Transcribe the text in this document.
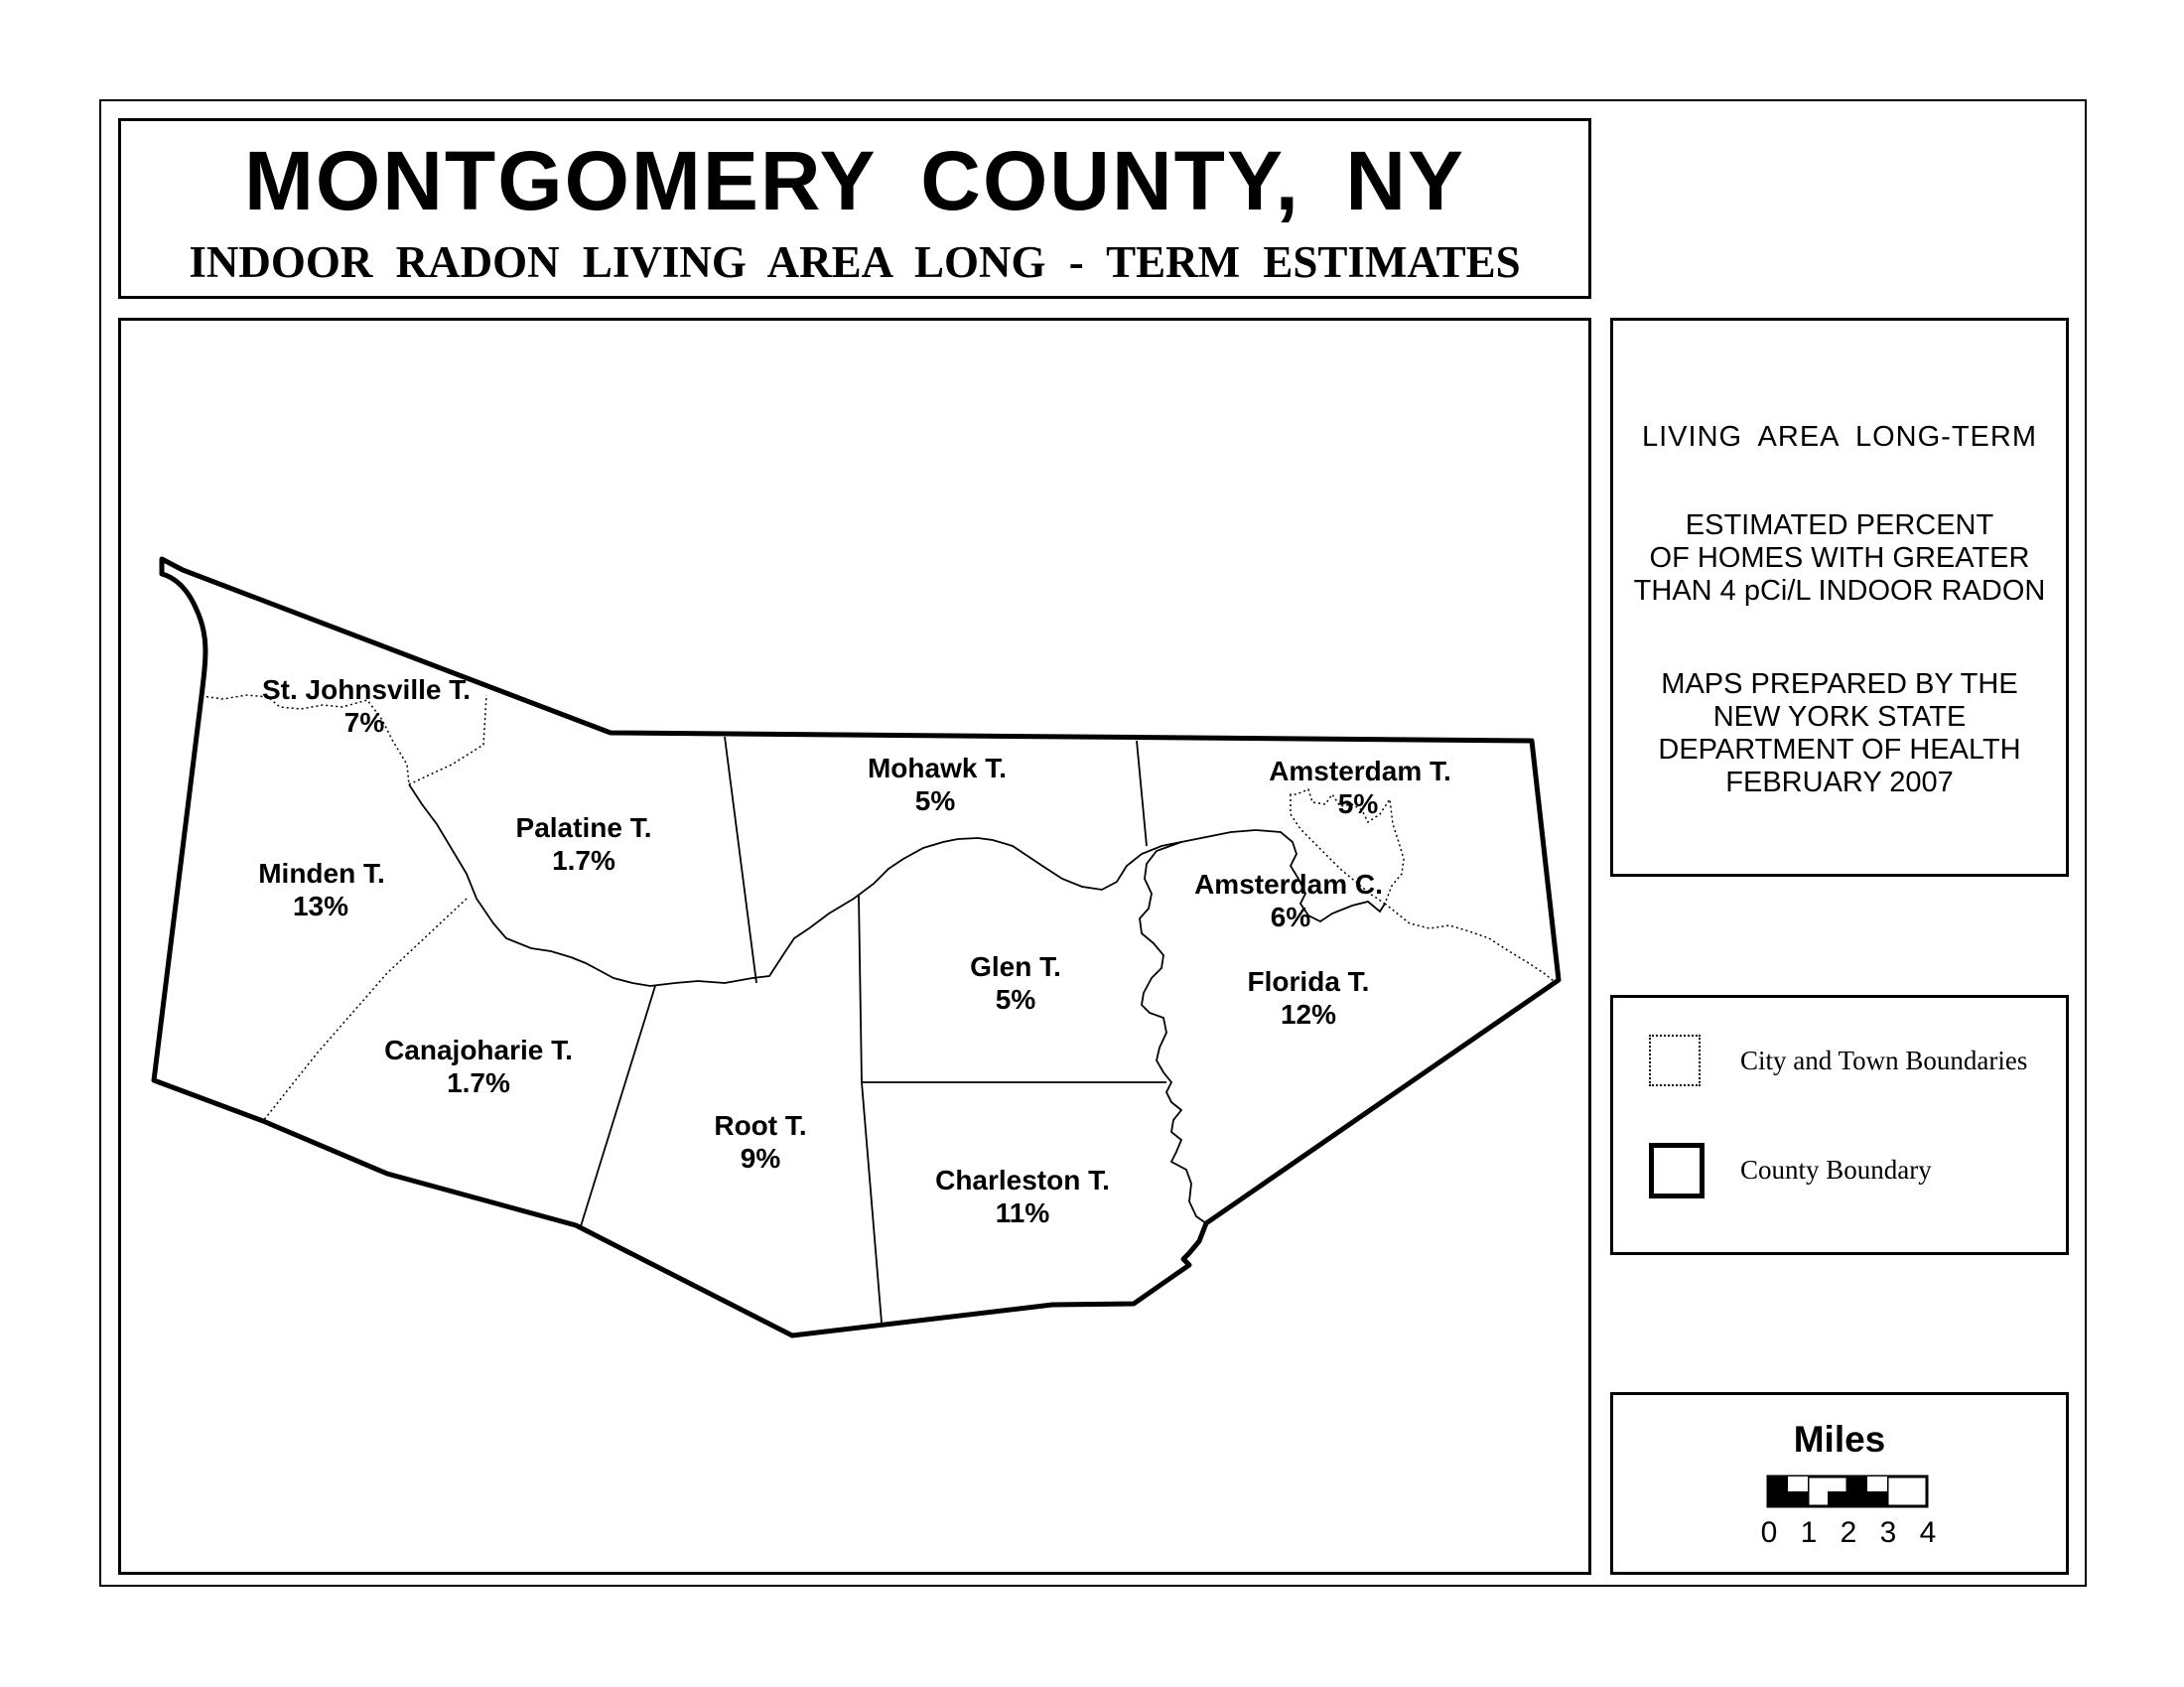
MONTGOMERY COUNTY, NY
INDOOR RADON LIVING AREA LONG - TERM ESTIMATES
St. Johnsville T.
7%
Minden T.
13%
Palatine T.
1.7%
Canajoharie T.
1.7%
Mohawk T.
5%
Glen T.
5%
Root T.
9%
Charleston T.
11%
Amsterdam T.
5%
Amsterdam C.
6%
Florida T.
12%
LIVING AREA LONG-TERM
ESTIMATED PERCENT
OF HOMES WITH GREATER
THAN 4 pCi/L INDOOR RADON
MAPS PREPARED BY THE
NEW YORK STATE
DEPARTMENT OF HEALTH
FEBRUARY 2007
City and Town Boundaries
County Boundary
Miles
0 1 2 3 4
